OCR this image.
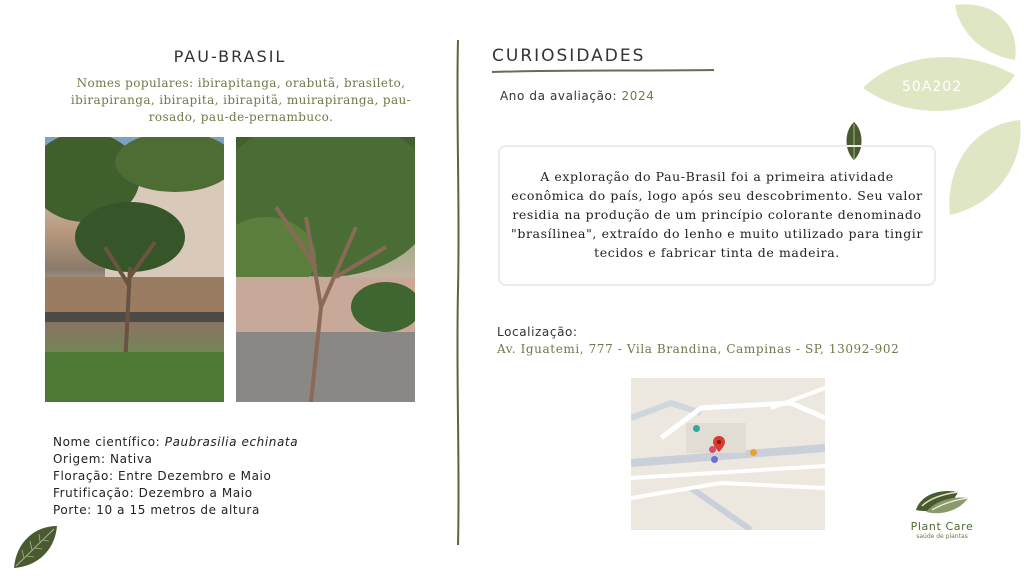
50A202
PAU-BRASIL
Nomes populares: ibirapitanga, orabutã, brasileto, ibirapiranga, ibirapita, ibirapitã, muirapiranga, pau-rosado, pau-de-pernambuco.
Nome científico: Paubrasilia echinata
Origem: Nativa
Floração: Entre Dezembro e Maio
Frutificação: Dezembro a Maio
Porte: 10 a 15 metros de altura
CURIOSIDADES
Ano da avaliação: 2024
A exploração do Pau-Brasil foi a primeira atividade econômica do país, logo após seu descobrimento. Seu valor residia na produção de um princípio colorante denominado "brasílinea", extraído do lenho e muito utilizado para tingir tecidos e fabricar tinta de madeira.
Localização:
Av. Iguatemi, 777 - Vila Brandina, Campinas - SP, 13092-902
Plant Care
saúde de plantas
